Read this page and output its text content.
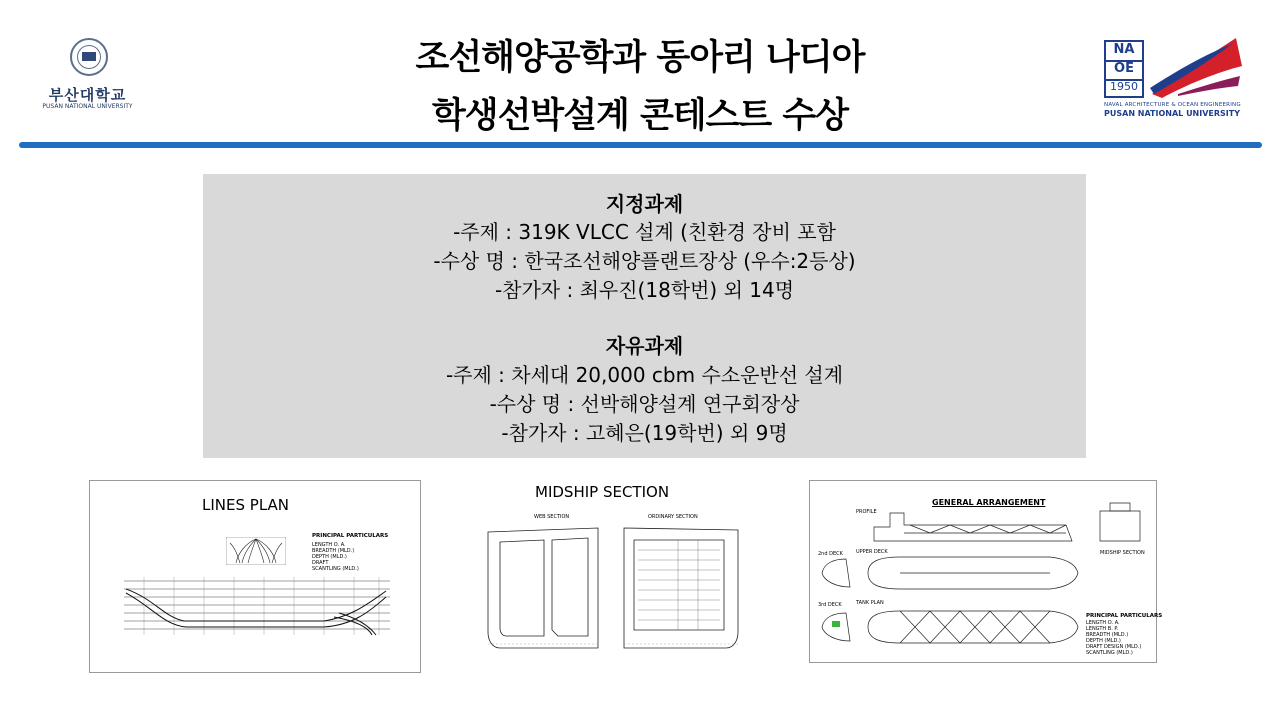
부산대학교
PUSAN NATIONAL UNIVERSITY
조선해양공학과 동아리 나디아
학생선박설계 콘테스트 수상
NA
OE
1950
NAVAL ARCHITECTURE & OCEAN ENGINEERING
PUSAN NATIONAL UNIVERSITY
지정과제
-주제 : 319K VLCC 설계 (친환경 장비 포함
-수상 명 : 한국조선해양플랜트장상 (우수:2등상)
-참가자 : 최우진(18학번) 외 14명
자유과제
-주제 : 차세대 20,000 cbm 수소운반선 설계
-수상 명 : 선박해양설계 연구회장상
-참가자 : 고혜은(19학번) 외 9명
LINES PLAN
PRINCIPAL PARTICULARS
LENGTH O. A.
BREADTH (MLD.)
DEPTH (MLD.)
DRAFT
SCANTLING (MLD.)
MIDSHIP SECTION
WEB SECTION	ORDINARY SECTION
GENERAL ARRANGEMENT
PROFILE
UPPER DECK
2nd DECK
3rd DECK	TANK PLAN
MIDSHIP SECTION
PRINCIPAL PARTICULARS
LENGTH O. A.
LENGTH B. P.
BREADTH (MLD.)
DEPTH (MLD.)
DRAFT DESIGN (MLD.)
SCANTLING (MLD.)
